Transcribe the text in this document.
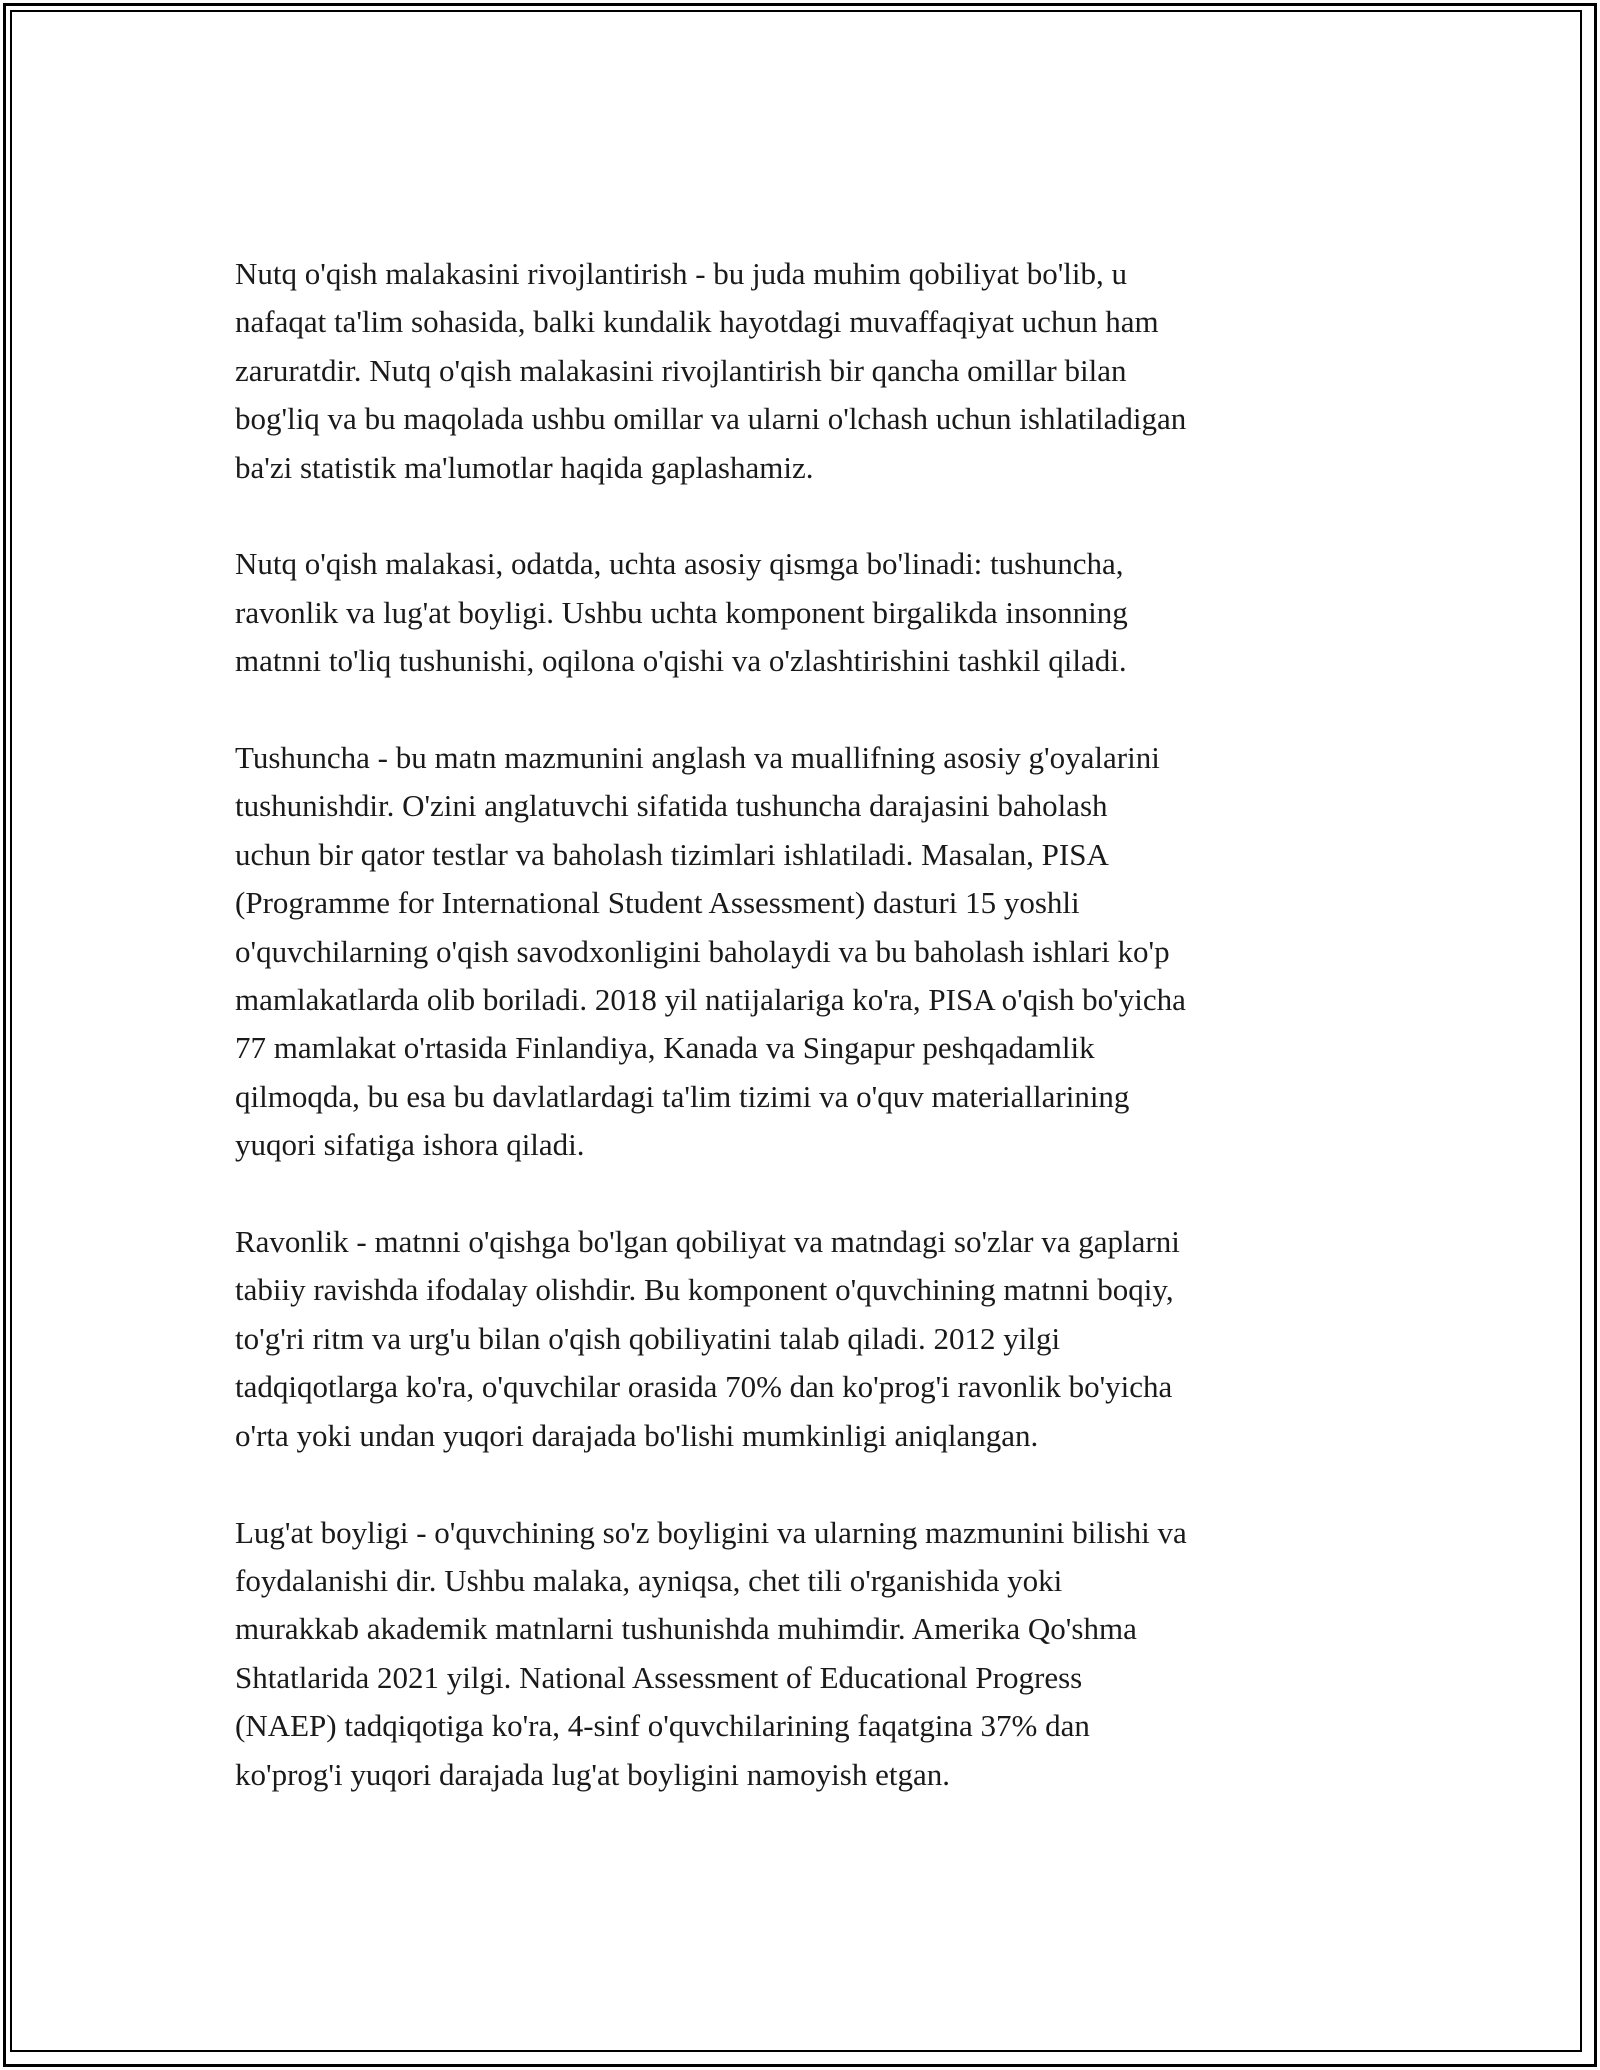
Nutq o'qish malakasini rivojlantirish - bu juda muhim qobiliyat bo'lib, u
nafaqat ta'lim sohasida, balki kundalik hayotdagi muvaffaqiyat uchun ham
zaruratdir. Nutq o'qish malakasini rivojlantirish bir qancha omillar bilan
bog'liq va bu maqolada ushbu omillar va ularni o'lchash uchun ishlatiladigan
ba'zi statistik ma'lumotlar haqida gaplashamiz.

Nutq o'qish malakasi, odatda, uchta asosiy qismga bo'linadi: tushuncha,
ravonlik va lug'at boyligi. Ushbu uchta komponent birgalikda insonning
matnni to'liq tushunishi, oqilona o'qishi va o'zlashtirishini tashkil qiladi.

Tushuncha - bu matn mazmunini anglash va muallifning asosiy g'oyalarini
tushunishdir. O'zini anglatuvchi sifatida tushuncha darajasini baholash
uchun bir qator testlar va baholash tizimlari ishlatiladi. Masalan, PISA
(Programme for International Student Assessment) dasturi 15 yoshli
o'quvchilarning o'qish savodxonligini baholaydi va bu baholash ishlari ko'p
mamlakatlarda olib boriladi. 2018 yil natijalariga ko'ra, PISA o'qish bo'yicha
77 mamlakat o'rtasida Finlandiya, Kanada va Singapur peshqadamlik
qilmoqda, bu esa bu davlatlardagi ta'lim tizimi va o'quv materiallarining
yuqori sifatiga ishora qiladi.

Ravonlik - matnni o'qishga bo'lgan qobiliyat va matndagi so'zlar va gaplarni
tabiiy ravishda ifodalay olishdir. Bu komponent o'quvchining matnni boqiy,
to'g'ri ritm va urg'u bilan o'qish qobiliyatini talab qiladi. 2012 yilgi
tadqiqotlarga ko'ra, o'quvchilar orasida 70% dan ko'prog'i ravonlik bo'yicha
o'rta yoki undan yuqori darajada bo'lishi mumkinligi aniqlangan.

Lug'at boyligi - o'quvchining so'z boyligini va ularning mazmunini bilishi va
foydalanishi dir. Ushbu malaka, ayniqsa, chet tili o'rganishida yoki
murakkab akademik matnlarni tushunishda muhimdir. Amerika Qo'shma
Shtatlarida 2021 yilgi. National Assessment of Educational Progress
(NAEP) tadqiqotiga ko'ra, 4-sinf o'quvchilarining faqatgina 37% dan
ko'prog'i yuqori darajada lug'at boyligini namoyish etgan.
